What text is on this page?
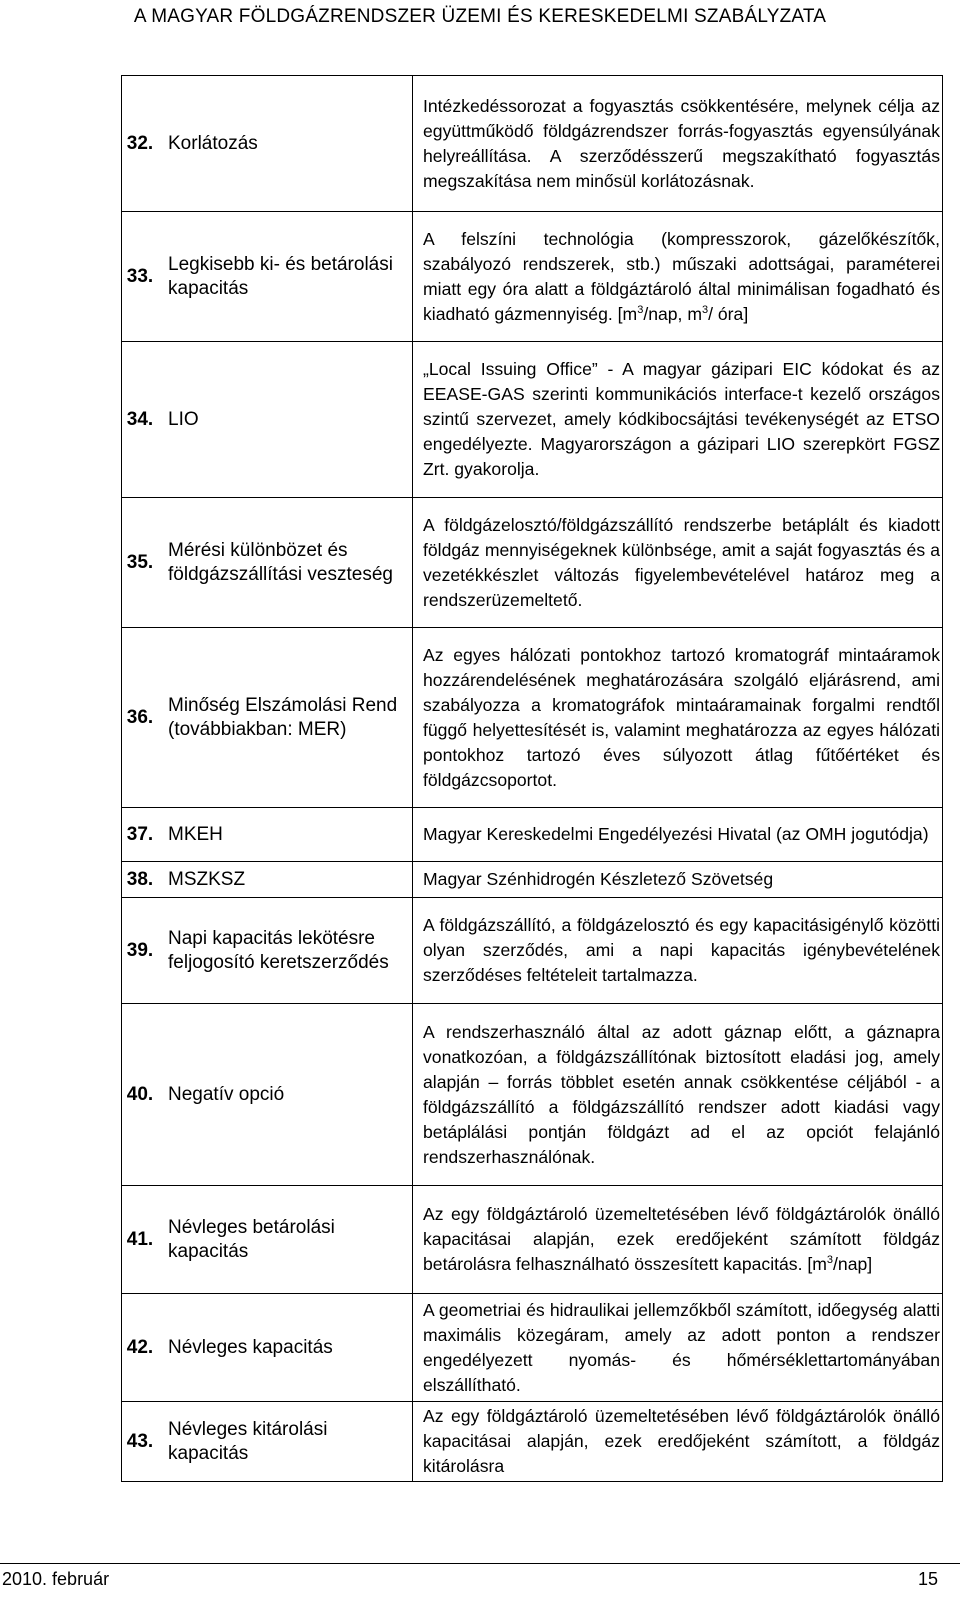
A MAGYAR FÖLDGÁZRENDSZER ÜZEMI ÉS KERESKEDELMI SZABÁLYZATA
32.	Korlátozás	Intézkedéssorozat a fogyasztás csökkentésére, melynek célja az együttműködő földgázrendszer forrás-fogyasztás egyensúlyának helyreállítása. A szerződésszerű megszakítható fogyasztás megszakítása nem minősül korlátozásnak.
33.	Legkisebb ki- és betárolási kapacitás	A felszíni technológia (kompresszorok, gázelőkészítők, szabályozó rendszerek, stb.) műszaki adottságai, paraméterei miatt egy óra alatt a földgáztároló által minimálisan fogadható és kiadható gázmennyiség. [$m^3$/nap, $m^3/$ óra]
34.	LIO	„Local Issuing Office” - A magyar gázipari EIC kódokat és az EEASE-GAS szerinti kommunikációs interface-t kezelő országos szintű szervezet, amely kódkibocsájtási tevékenységét az ETSO engedélyezte. Magyarországon a gázipari LIO szerepkört FGSZ Zrt. gyakorolja.
35.	Mérési különbözet és földgázszállítási veszteség	A földgázelosztó/földgázszállító rendszerbe betáplált és kiadott földgáz mennyiségeknek különbsége, amit a saját fogyasztás és a vezetékkészlet változás figyelembevételével határoz meg a rendszerüzemeltető.
36.	Minőség Elszámolási Rend (továbbiakban: MER)	Az egyes hálózati pontokhoz tartozó kromatográf mintaáramok hozzárendelésének meghatározására szolgáló eljárásrend, ami szabályozza a kromatográfok mintaáramainak forgalmi rendtől függő helyettesítését is, valamint meghatározza az egyes hálózati pontokhoz tartozó éves súlyozott átlag fűtőértéket és földgázcsoportot.
37.	MKEH	Magyar Kereskedelmi Engedélyezési Hivatal (az OMH jogutódja)
38.	MSZKSZ	Magyar Szénhidrogén Készletező Szövetség
39.	Napi kapacitás lekötésre feljogosító keretszerződés	A földgázszállító, a földgázelosztó és egy kapacitásigénylő közötti olyan szerződés, ami a napi kapacitás igénybevételének szerződéses feltételeit tartalmazza.
40.	Negatív opció	A rendszerhasználó által az adott gáznap előtt, a gáznapra vonatkozóan, a földgázszállítónak biztosított eladási jog, amely alapján – forrás többlet esetén annak csökkentése céljából - a földgázszállító a földgázszállító rendszer adott kiadási vagy betáplálási pontján földgázt ad el az opciót felajánló rendszerhasználónak.
41.	Névleges betárolási kapacitás	Az egy földgáztároló üzemeltetésében lévő földgáztárolók önálló kapacitásai alapján, ezek eredőjeként számított földgáz betárolásra felhasználható összesített kapacitás. $[m^3/nap]$
42.	Névleges kapacitás	A geometriai és hidraulikai jellemzőkből számított, időegység alatti maximális közegáram, amely az adott ponton a rendszer engedélyezett nyomás- és hőmérséklettartományában elszállítható.
43.	Névleges kitárolási kapacitás	Az egy földgáztároló üzemeltetésében lévő földgáztárolók önálló kapacitásai alapján, ezek eredőjeként számított, a földgáz kitárolásra
2010. február	15
